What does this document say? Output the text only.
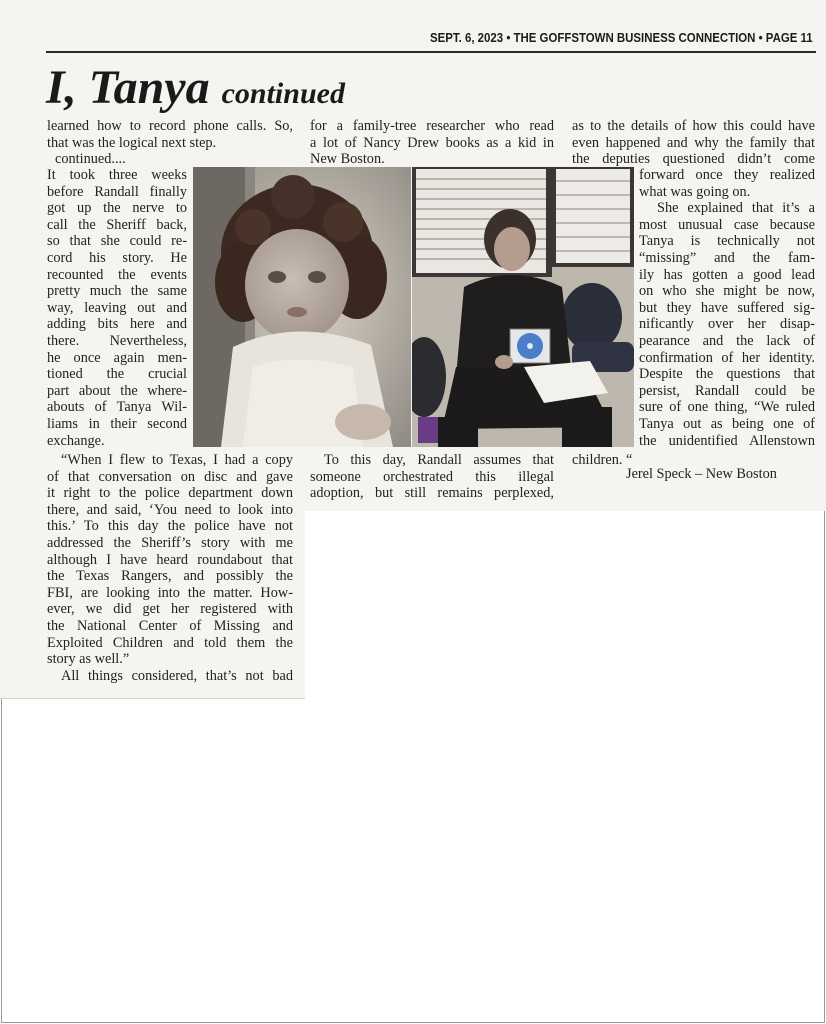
SEPT. 6, 2023 • THE GOFFSTOWN BUSINESS CONNECTION • PAGE 11
I, Tanya continued
learned how to record phone calls. So,
that was the logical next step.
continued....
It took three weeks
before Randall finally
got up the nerve to
call the Sheriff back,
so that she could re-
cord his story. He
recounted the events
pretty much the same
way, leaving out and
adding bits here and
there. Nevertheless,
he once again men-
tioned the crucial
part about the where-
abouts of Tanya Wil-
liams in their second
exchange.
“When I flew to Texas, I had a copy
of that conversation on disc and gave
it right to the police department down
there, and said, ‘You need to look into
this.’ To this day the police have not
addressed the Sheriff’s story with me
although I have heard roundabout that
the Texas Rangers, and possibly the
FBI, are looking into the matter. How-
ever, we did get her registered with
the National Center of Missing and
Exploited Children and told them the
story as well.”
All things considered, that’s not bad
for a family-tree researcher who read
a lot of Nancy Drew books as a kid in
New Boston.
To this day, Randall assumes that
someone orchestrated this illegal
adoption, but still remains perplexed,
as to the details of how this could have
even happened and why the family that
the deputies questioned didn’t come
forward once they realized
what was going on.
She explained that it’s a
most unusual case because
Tanya is technically not
“missing” and the fam-
ily has gotten a good lead
on who she might be now,
but they have suffered sig-
nificantly over her disap-
pearance and the lack of
confirmation of her identity.
Despite the questions that
persist, Randall could be
sure of one thing, “We ruled
Tanya out as being one of
the unidentified Allenstown
children. “
Jerel Speck – New Boston
